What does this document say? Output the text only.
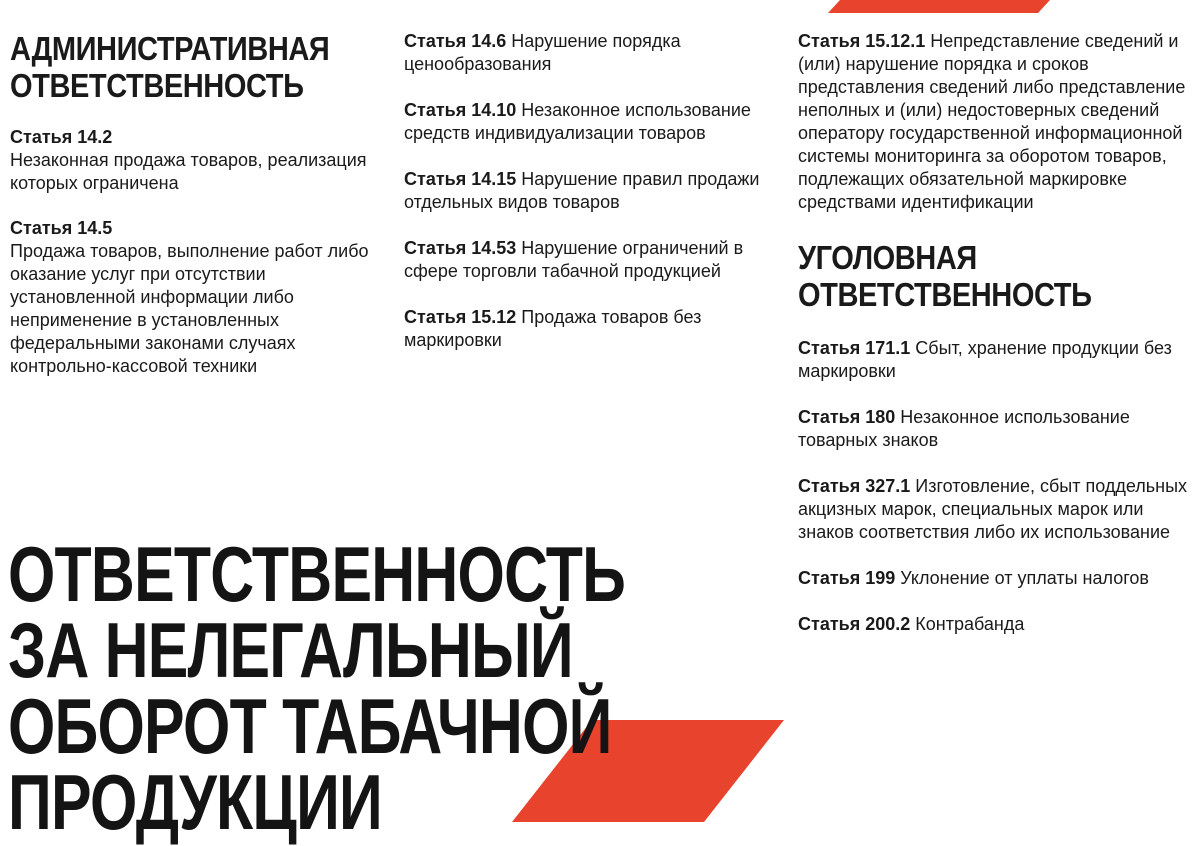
АДМИНИСТРАТИВНАЯ
ОТВЕТСТВЕННОСТЬ
Статья 14.2
Незаконная продажа товаров, реализация которых ограничена
Статья 14.5
Продажа товаров, выполнение работ либо оказание услуг при отсутствии установленной информации либо неприменение в установленных федеральными законами случаях контрольно-кассовой техники
Статья 14.6 Нарушение порядка ценообразования
Статья 14.10 Незаконное использование средств индивидуализации товаров
Статья 14.15 Нарушение правил продажи отдельных видов товаров
Статья 14.53 Нарушение ограничений в сфере торговли табачной продукцией
Статья 15.12 Продажа товаров без маркировки
Статья 15.12.1 Непредставление сведений и (или) нарушение порядка и сроков представления сведений либо представление неполных и (или) недостоверных сведений оператору государственной информационной системы мониторинга за оборотом товаров, подлежащих обязательной маркировке средствами идентификации
УГОЛОВНАЯ
ОТВЕТСТВЕННОСТЬ
Статья 171.1 Сбыт, хранение продукции без маркировки
Статья 180 Незаконное использование товарных знаков
Статья 327.1 Изготовление, сбыт поддельных акцизных марок, специальных марок или знаков соответствия либо их использование
Статья 199 Уклонение от уплаты налогов
Статья 200.2 Контрабанда
ОТВЕТСТВЕННОСТЬ
ЗА НЕЛЕГАЛЬНЫЙ
ОБОРОТ ТАБАЧНОЙ
ПРОДУКЦИИ
